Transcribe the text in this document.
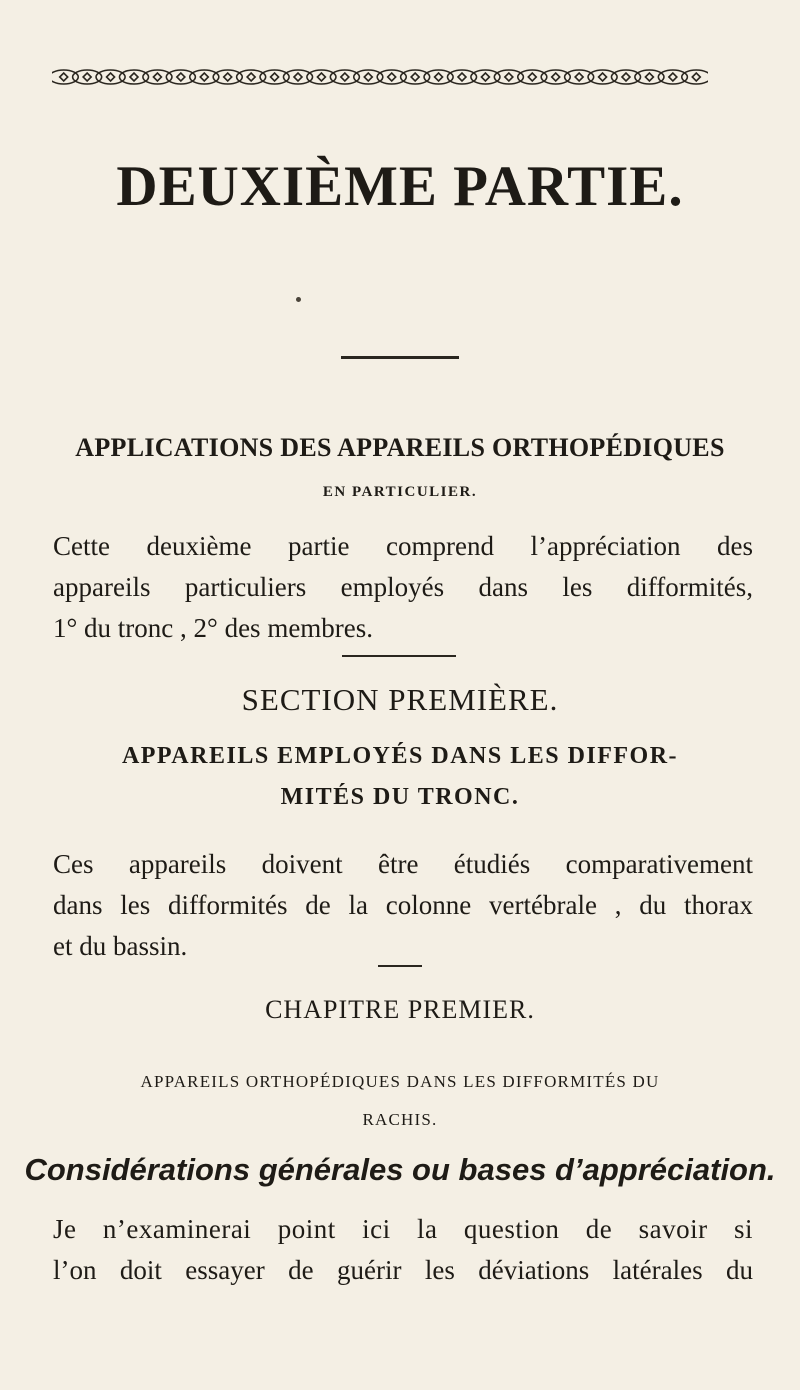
DEUXIÈME PARTIE.
APPLICATIONS DES APPAREILS ORTHOPÉDIQUES
EN PARTICULIER.
Cette deuxième partie comprend l’appréciation des
appareils particuliers employés dans les difformités,
1° du tronc , 2° des membres.
SECTION PREMIÈRE.
APPAREILS EMPLOYÉS DANS LES DIFFOR-
MITÉS DU TRONC.
Ces appareils doivent être étudiés comparativement
dans les difformités de la colonne vertébrale , du thorax
et du bassin.
CHAPITRE PREMIER.
APPAREILS ORTHOPÉDIQUES DANS LES DIFFORMITÉS DU
RACHIS.
Considérations générales ou bases d’appréciation.
Je n’examinerai point ici la question de savoir si
l’on doit essayer de guérir les déviations latérales du
